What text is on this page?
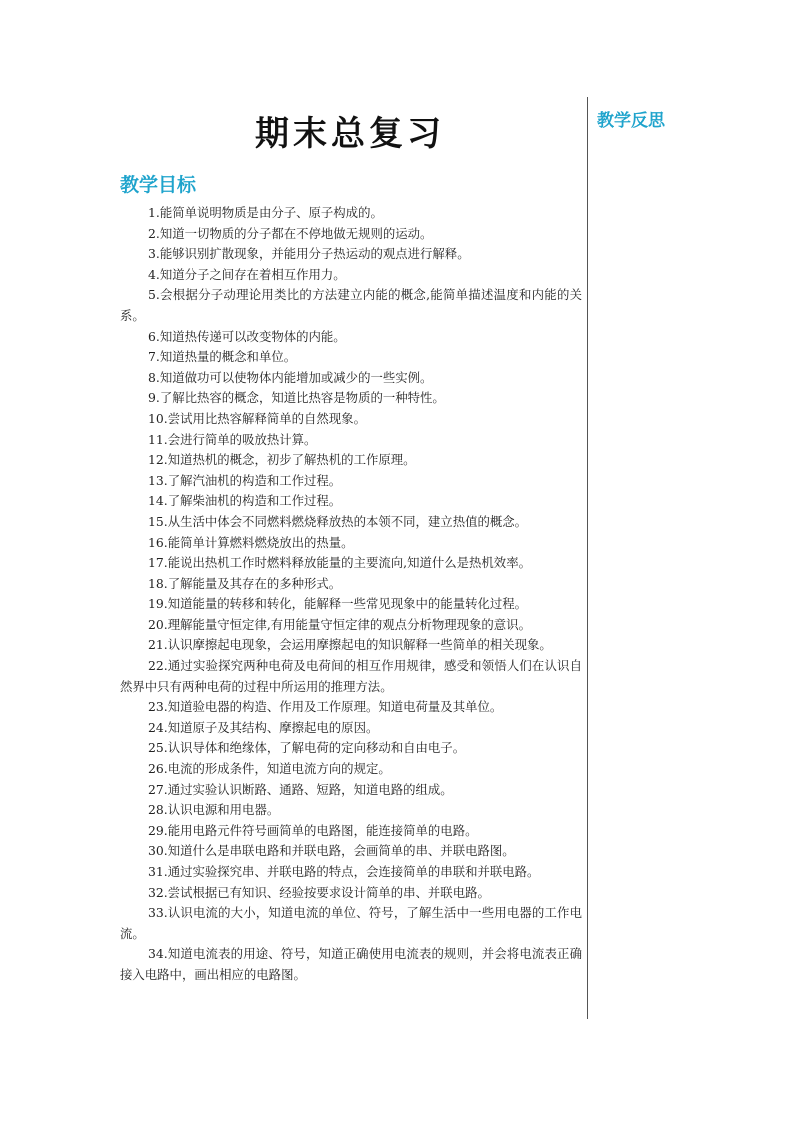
期末总复习
教学目标
教学反思

1.能简单说明物质是由分子、原子构成的。

2.知道一切物质的分子都在不停地做无规则的运动。

3.能够识别扩散现象，并能用分子热运动的观点进行解释。

4.知道分子之间存在着相互作用力。

5.会根据分子动理论用类比的方法建立内能的概念,能简单描述温度和内能的关系。

6.知道热传递可以改变物体的内能。

7.知道热量的概念和单位。

8.知道做功可以使物体内能增加或减少的一些实例。

9.了解比热容的概念，知道比热容是物质的一种特性。

10.尝试用比热容解释简单的自然现象。

11.会进行简单的吸放热计算。

12.知道热机的概念，初步了解热机的工作原理。

13.了解汽油机的构造和工作过程。

14.了解柴油机的构造和工作过程。

15.从生活中体会不同燃料燃烧释放热的本领不同，建立热值的概念。

16.能简单计算燃料燃烧放出的热量。

17.能说出热机工作时燃料释放能量的主要流向,知道什么是热机效率。

18.了解能量及其存在的多种形式。

19.知道能量的转移和转化，能解释一些常见现象中的能量转化过程。

20.理解能量守恒定律,有用能量守恒定律的观点分析物理现象的意识。

21.认识摩擦起电现象，会运用摩擦起电的知识解释一些简单的相关现象。

22.通过实验探究两种电荷及电荷间的相互作用规律，感受和领悟人们在认识自然界中只有两种电荷的过程中所运用的推理方法。

23.知道验电器的构造、作用及工作原理。知道电荷量及其单位。

24.知道原子及其结构、摩擦起电的原因。

25.认识导体和绝缘体，了解电荷的定向移动和自由电子。

26.电流的形成条件，知道电流方向的规定。

27.通过实验认识断路、通路、短路，知道电路的组成。

28.认识电源和用电器。

29.能用电路元件符号画简单的电路图，能连接简单的电路。

30.知道什么是串联电路和并联电路，会画简单的串、并联电路图。

31.通过实验探究串、并联电路的特点，会连接简单的串联和并联电路。

32.尝试根据已有知识、经验按要求设计简单的串、并联电路。

33.认识电流的大小，知道电流的单位、符号，了解生活中一些用电器的工作电流。

34.知道电流表的用途、符号，知道正确使用电流表的规则，并会将电流表正确接入电路中，画出相应的电路图。
